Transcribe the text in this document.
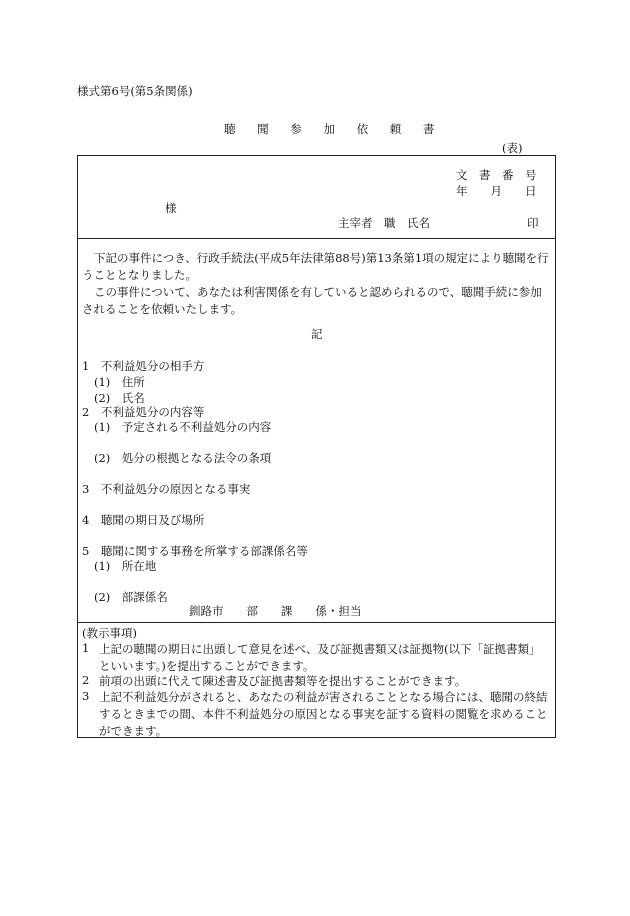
様式第6号(第5条関係)
聴 聞 参 加 依 頼 書
(表)
文　書　番　号
年　　月　　日
様
主宰者　職　氏名	印
下記の事件につき、行政手続法(平成5年法律第88号)第13条第1項の規定により聴聞を行うこととなりました。
この事件について、あなたは利害関係を有していると認められるので、聴聞手続に参加されることを依頼いたします。
記
1　不利益処分の相手方
(1)　住所
(2)　氏名
2　不利益処分の内容等
(1)　予定される不利益処分の内容
(2)　処分の根拠となる法令の条項
3　不利益処分の原因となる事実
4　聴聞の期日及び場所
5　聴聞に関する事務を所掌する部課係名等
(1)　所在地
(2)　部課係名
釧路市　　部　　課　　係・担当
(教示事項)
1 上記の聴聞の期日に出頭して意見を述べ、及び証拠書類又は証拠物(以下「証拠書類」といいます。)を提出することができます。
2 前項の出頭に代えて陳述書及び証拠書類等を提出することができます。
3 上記不利益処分がされると、あなたの利益が害されることとなる場合には、聴聞の終結するときまでの間、本件不利益処分の原因となる事実を証する資料の閲覧を求めることができます。
